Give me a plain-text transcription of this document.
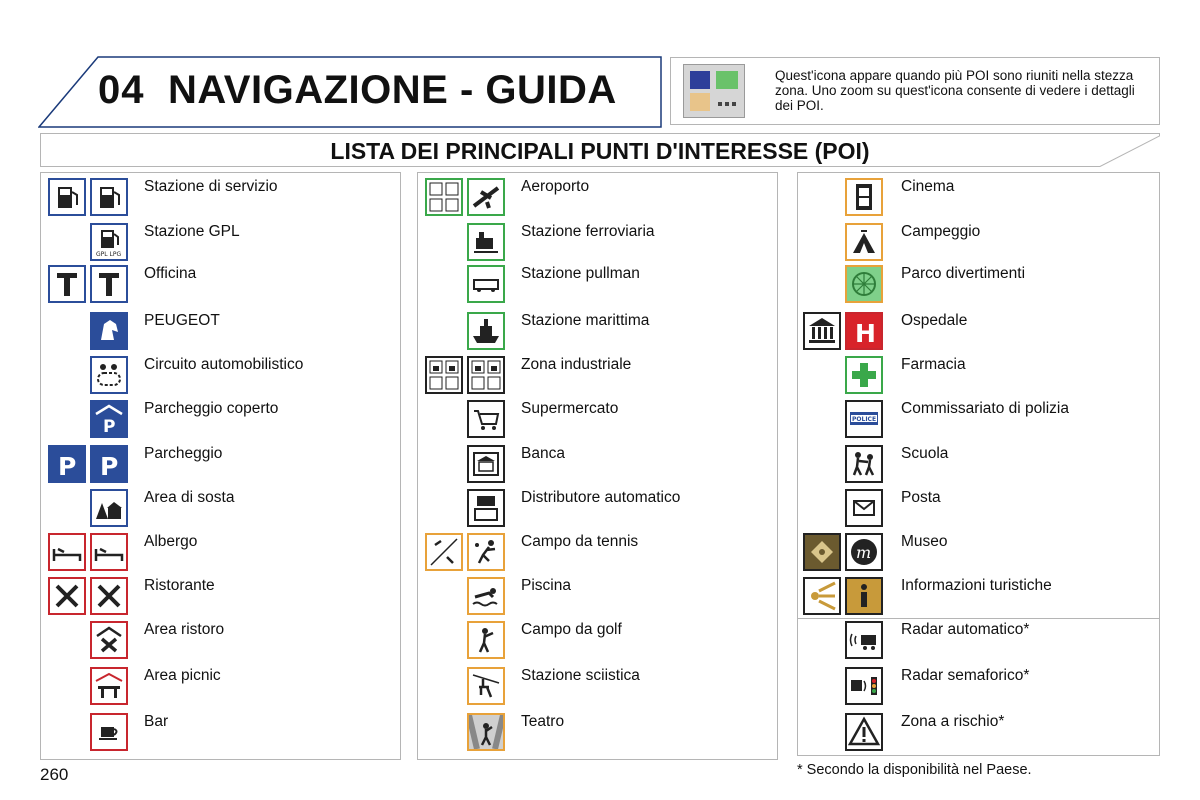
04 NAVIGAZIONE - GUIDA	Quest'icona appare quando più POI sono riuniti nella stezza zona. Uno zoom su quest'icona consente di vedere i dettagli dei POI.
LISTA DEI PRINCIPALI PUNTI D'INTERESSE (POI)
Stazione di servizio
Stazione GPL
GPL LPG
Officina
PEUGEOT
Circuito automobilistico
Parcheggio coperto
P
Parcheggio
P P
Area di sosta
Albergo
Ristorante
Area ristoro
Area picnic
Bar
Aeroporto
Stazione ferroviaria
Stazione pullman
Stazione marittima
Zona industriale
Supermercato
Banca
Distributore automatico
Campo da tennis
Piscina
Campo da golf
Stazione sciistica
Teatro
Cinema
Campeggio
Parco divertimenti
Ospedale
H
Farmacia
Commissariato di polizia
POLICE
Scuola
Posta
Museo
m
Informazioni turistiche
Radar automatico*
Radar semaforico*
Zona a rischio*
260	* Secondo la disponibilità nel Paese.
